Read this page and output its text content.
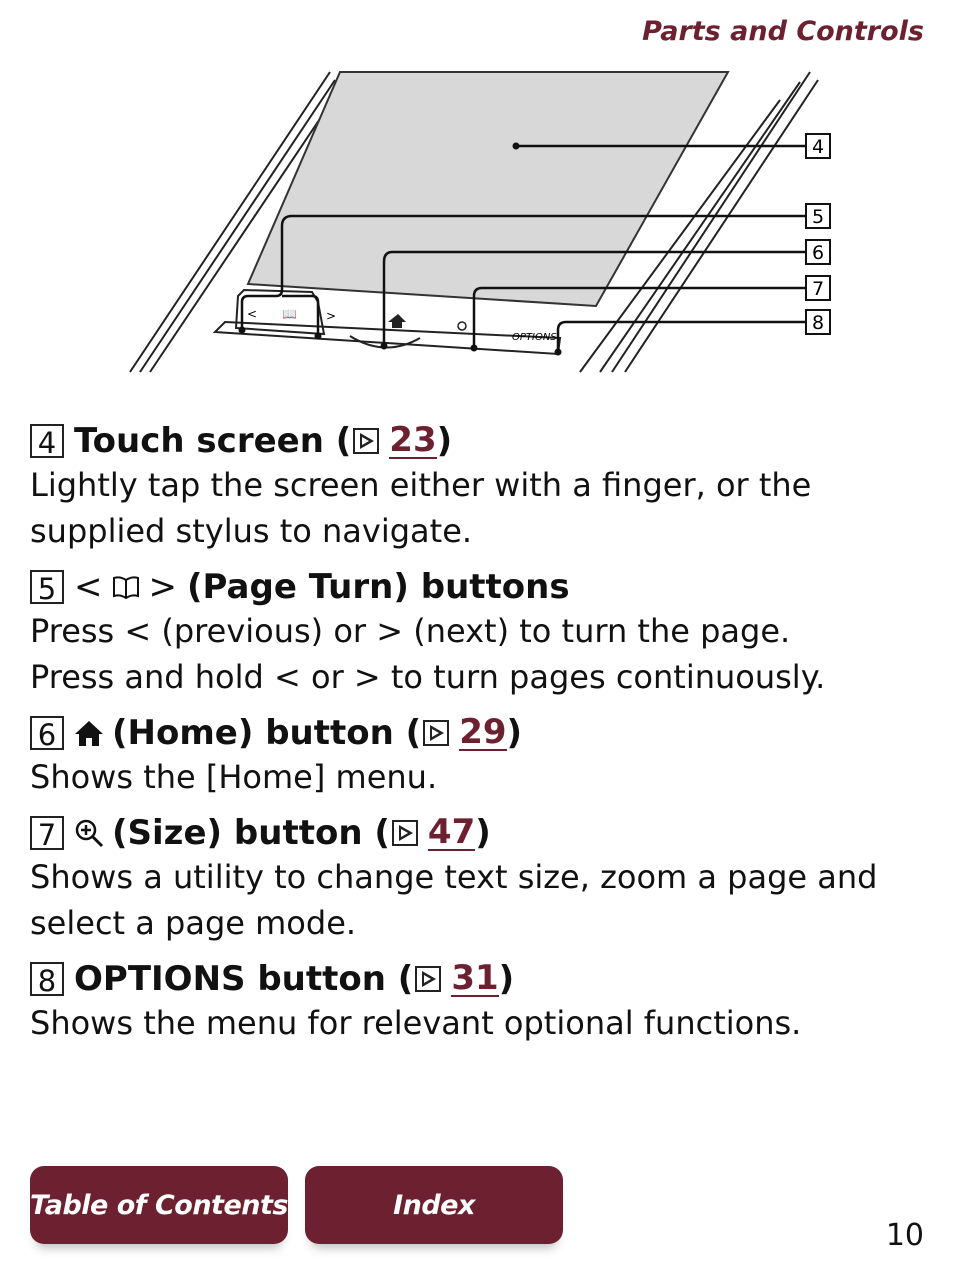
Parts and Controls
< 📖 >
OPTIONS
4
5
6
7
8
4 Touch screen ( 23 )
Lightly tap the screen either with a finger, or the
supplied stylus to navigate.
5 < > (Page Turn) buttons
Press < (previous) or > (next) to turn the page.
Press and hold < or > to turn pages continuously.
6 (Home) button ( 29 )
Shows the [Home] menu.
7 (Size) button ( 47 )
Shows a utility to change text size, zoom a page and
select a page mode.
8 OPTIONS button ( 31 )
Shows the menu for relevant optional functions.
Table of Contents	Index
10
